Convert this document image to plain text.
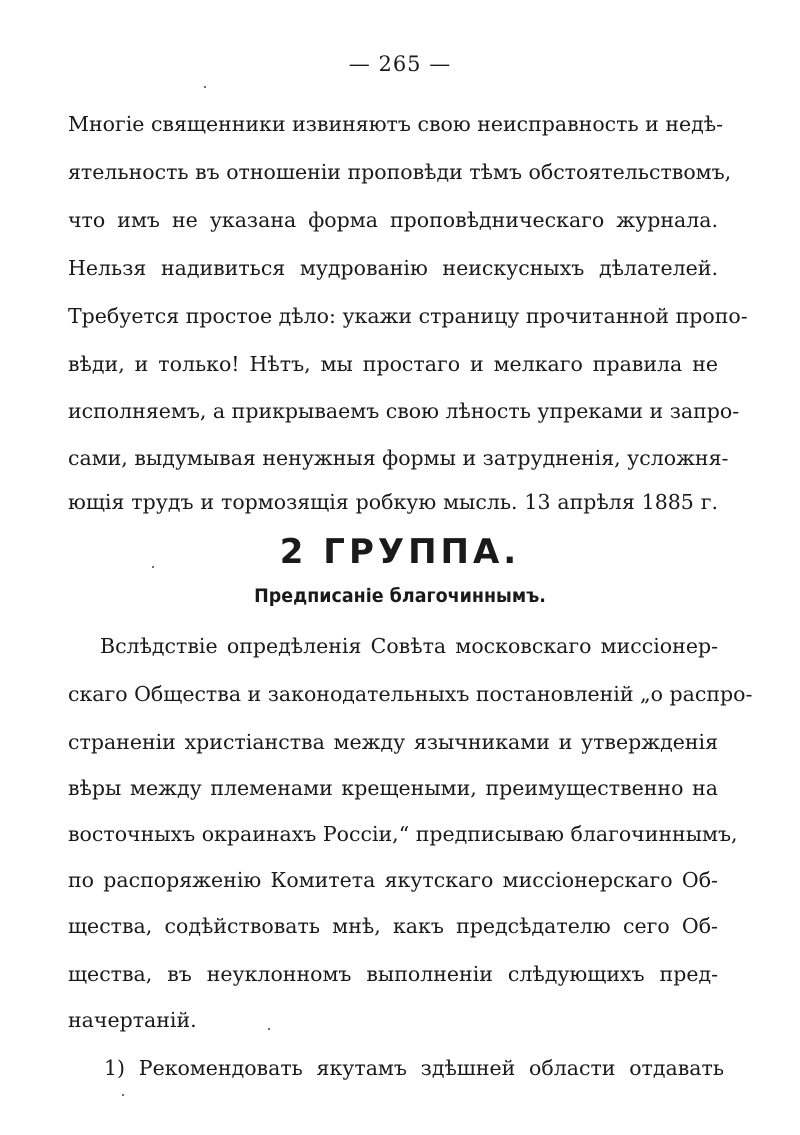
— 265 —
Многіе священники извиняютъ свою неисправность и недѣ-
ятельность въ отношеніи проповѣди тѣмъ обстоятельствомъ,
что имъ не указана форма проповѣдническаго журнала.
Нельзя надивиться мудрованію неискусныхъ дѣлателей.
Требуется простое дѣло: укажи страницу прочитанной пропо-
вѣди, и только! Нѣтъ, мы простаго и мелкаго правила не
исполняемъ, а прикрываемъ свою лѣность упреками и запро-
сами, выдумывая ненужныя формы и затрудненія, усложня-
ющія трудъ и тормозящія робкую мысль. 13 апрѣля 1885 г.
2 ГРУППА.
Предписаніе благочиннымъ.
Вслѣдствіе опредѣленія Совѣта московскаго миссіонер-
скаго Общества и законодательныхъ постановленій „о распро-
страненіи христіанства между язычниками и утвержденія
вѣры между племенами крещеными, преимущественно на
восточныхъ окраинахъ Россіи,“ предписываю благочиннымъ,
по распоряженію Комитета якутскаго миссіонерскаго Об-
щества, содѣйствовать мнѣ, какъ предсѣдателю сего Об-
щества, въ неуклонномъ выполненіи слѣдующихъ пред-
начертаній.
1) Рекомендовать якутамъ здѣшней области отдавать
